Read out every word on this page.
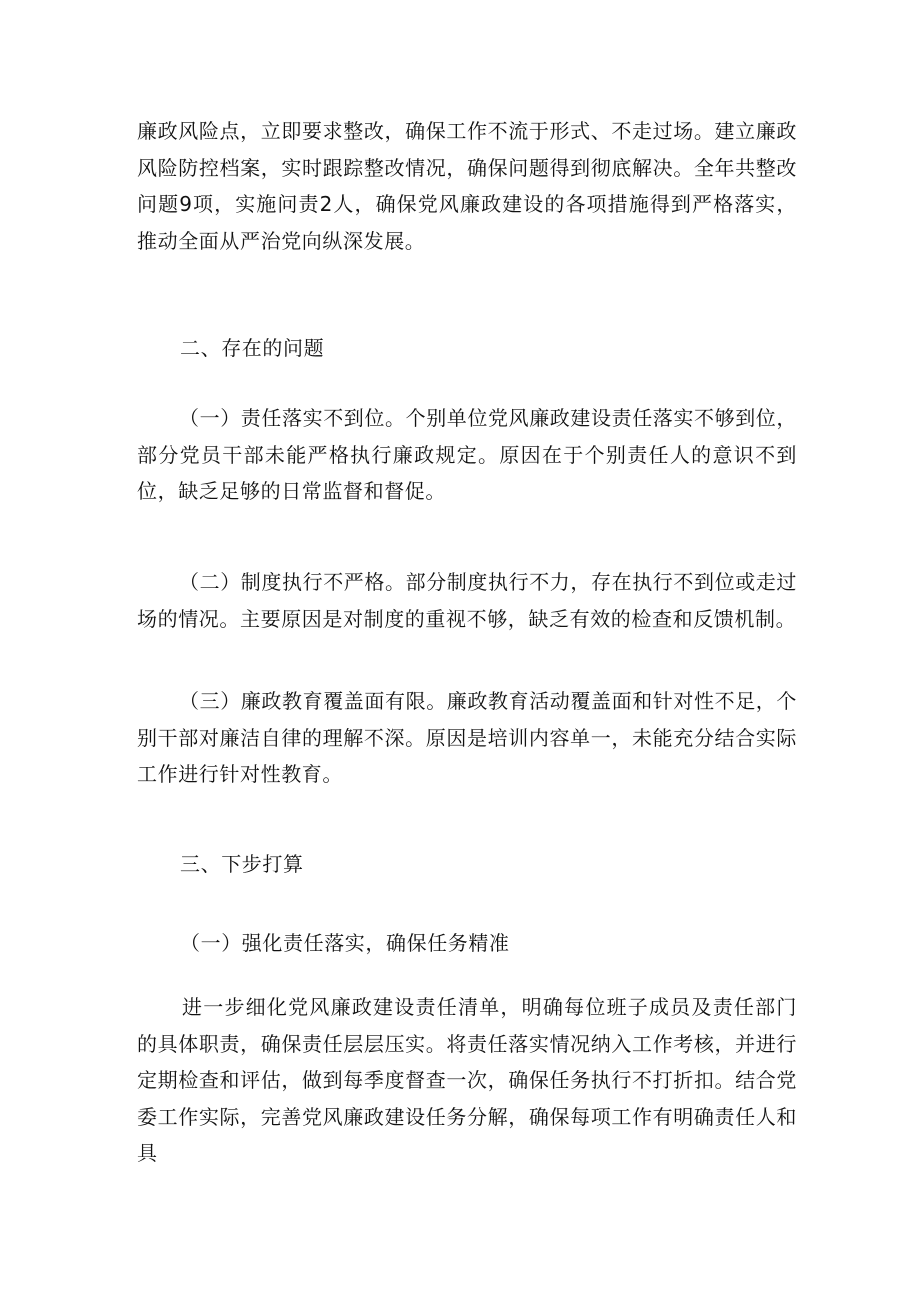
廉政风险点，立即要求整改，确保工作不流于形式、不走过场。建立廉政风险防控档案，实时跟踪整改情况，确保问题得到彻底解决。全年共整改问题9项，实施问责2人，确保党风廉政建设的各项措施得到严格落实，推动全面从严治党向纵深发展。

二、存在的问题

（一）责任落实不到位。个别单位党风廉政建设责任落实不够到位，部分党员干部未能严格执行廉政规定。原因在于个别责任人的意识不到位，缺乏足够的日常监督和督促。

（二）制度执行不严格。部分制度执行不力，存在执行不到位或走过场的情况。主要原因是对制度的重视不够，缺乏有效的检查和反馈机制。

（三）廉政教育覆盖面有限。廉政教育活动覆盖面和针对性不足，个别干部对廉洁自律的理解不深。原因是培训内容单一，未能充分结合实际工作进行针对性教育。

三、下步打算

（一）强化责任落实，确保任务精准

进一步细化党风廉政建设责任清单，明确每位班子成员及责任部门的具体职责，确保责任层层压实。将责任落实情况纳入工作考核，并进行定期检查和评估，做到每季度督查一次，确保任务执行不打折扣。结合党委工作实际，完善党风廉政建设任务分解，确保每项工作有明确责任人和具
